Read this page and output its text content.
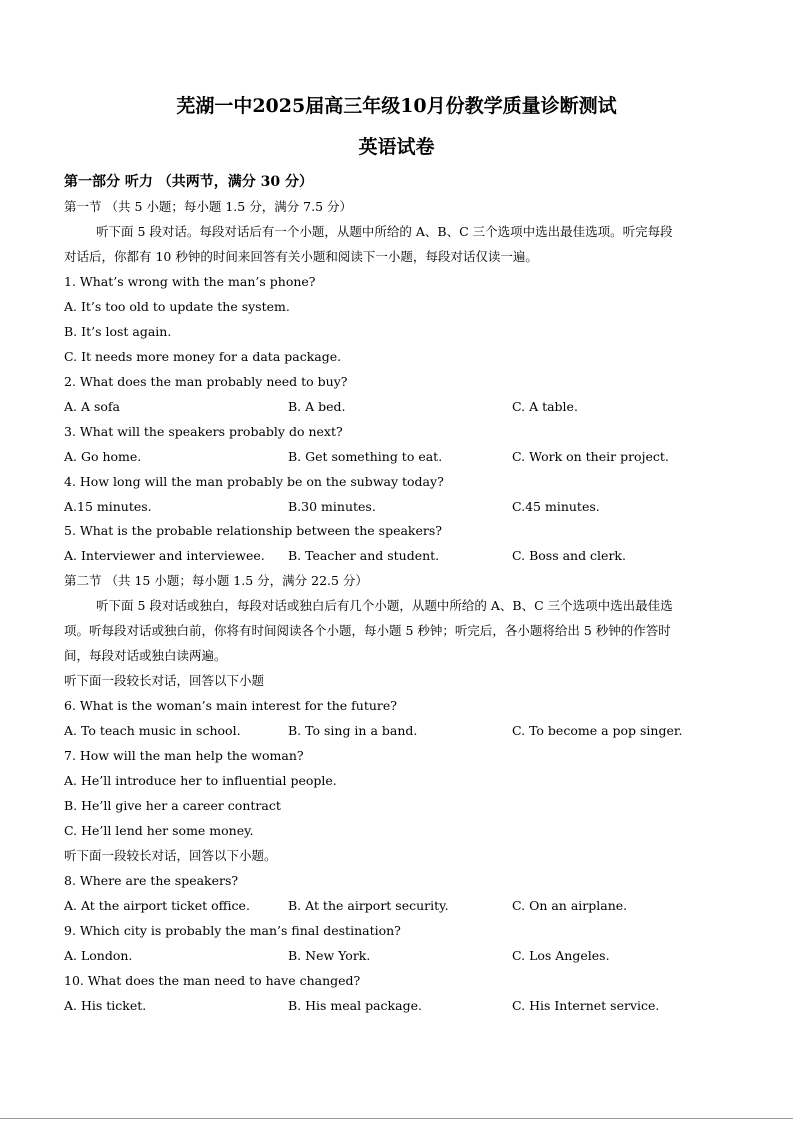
芜湖一中2025届高三年级10月份教学质量诊断测试
英语试卷
第一部分 听力 （共两节，满分 30 分）
第一节 （共 5 小题；每小题 1.5 分，满分 7.5 分）
听下面 5 段对话。每段对话后有一个小题，从题中所给的 A、B、C 三个选项中选出最佳选项。听完每段
对话后，你都有 10 秒钟的时间来回答有关小题和阅读下一小题，每段对话仅读一遍。
1. What’s wrong with the man’s phone?
A. It’s too old to update the system.
B. It’s lost again.
C. It needs more money for a data package.
2. What does the man probably need to buy?
A. A sofa	B. A bed.	C. A table.
3. What will the speakers probably do next?
A. Go home.	B. Get something to eat.	C. Work on their project.
4. How long will the man probably be on the subway today?
A.15 minutes.	B.30 minutes.	C.45 minutes.
5. What is the probable relationship between the speakers?
A. Interviewer and interviewee. B. Teacher and student.	C. Boss and clerk.
第二节 （共 15 小题；每小题 1.5 分，满分 22.5 分）
听下面 5 段对话或独白，每段对话或独白后有几个小题，从题中所给的 A、B、C 三个选项中选出最佳选
项。听每段对话或独白前，你将有时间阅读各个小题，每小题 5 秒钟；听完后，各小题将给出 5 秒钟的作答时
间，每段对话或独白读两遍。
听下面一段较长对话，回答以下小题
6. What is the woman’s main interest for the future?
A. To teach music in school.	B. To sing in a band.	C. To become a pop singer.
7. How will the man help the woman?
A. He’ll introduce her to influential people.
B. He’ll give her a career contract
C. He’ll lend her some money.
听下面一段较长对话，回答以下小题。
8. Where are the speakers?
A. At the airport ticket office.	B. At the airport security.	C. On an airplane.
9. Which city is probably the man’s final destination?
A. London.	B. New York.	C. Los Angeles.
10. What does the man need to have changed?
A. His ticket.	B. His meal package.	C. His Internet service.
